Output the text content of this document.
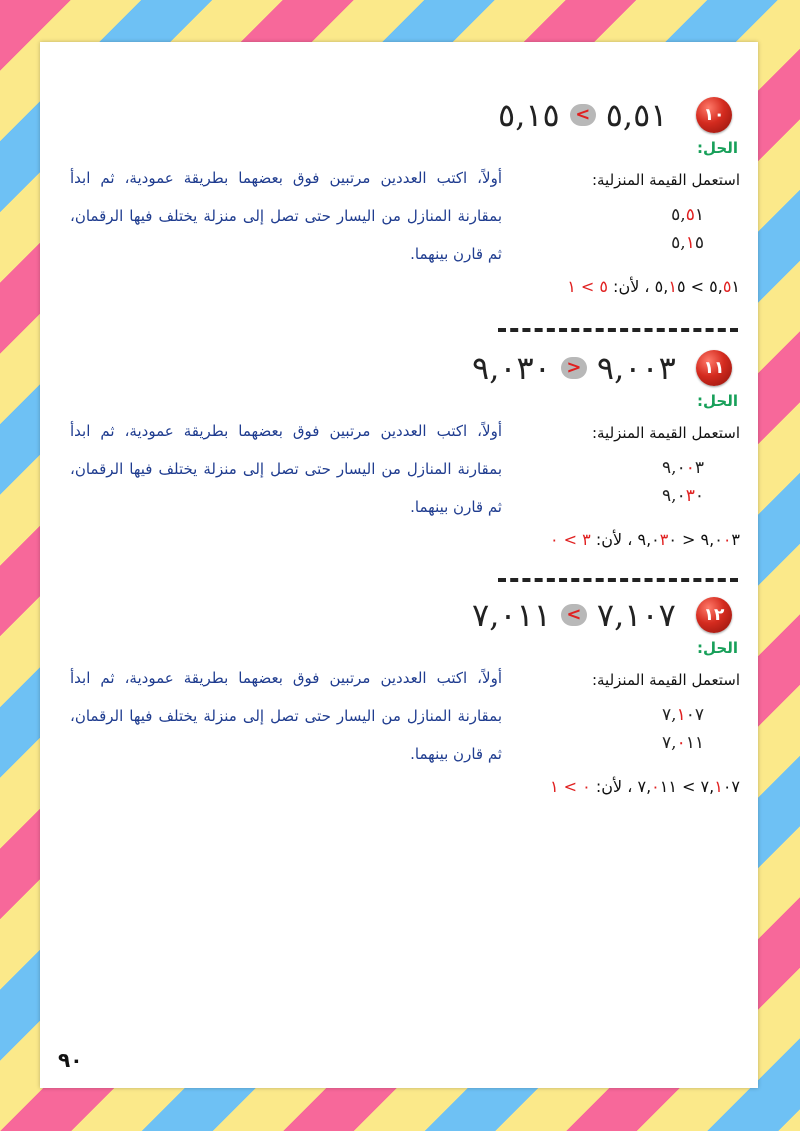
١٠
٥,١٥ < ٥,٥١
الحل:
أولاً، اكتب العددين مرتبين فوق بعضهما بطريقة عمودية، ثم ابدأ بمقارنة المنازل من اليسار حتى تصل إلى منزلة يختلف فيها الرقمان، ثم قارن بينهما.
استعمل القيمة المنزلية:
٥,٥١
٥,١٥
٥,٥١ > ٥,١٥ ، لأن: ٥ > ١
١١
٩,٠٣٠ > ٩,٠٠٣
الحل:
أولاً، اكتب العددين مرتبين فوق بعضهما بطريقة عمودية، ثم ابدأ بمقارنة المنازل من اليسار حتى تصل إلى منزلة يختلف فيها الرقمان، ثم قارن بينهما.
استعمل القيمة المنزلية:
٩,٠٠٣
٩,٠٣٠
٩,٠٠٣ < ٩,٠٣٠ ، لأن: ٣ > ٠
١٢
٧,٠١١ < ٧,١٠٧
الحل:
أولاً، اكتب العددين مرتبين فوق بعضهما بطريقة عمودية، ثم ابدأ بمقارنة المنازل من اليسار حتى تصل إلى منزلة يختلف فيها الرقمان، ثم قارن بينهما.
استعمل القيمة المنزلية:
٧,١٠٧
٧,٠١١
٧,١٠٧ > ٧,٠١١ ، لأن: ٠ > ١
٩٠
